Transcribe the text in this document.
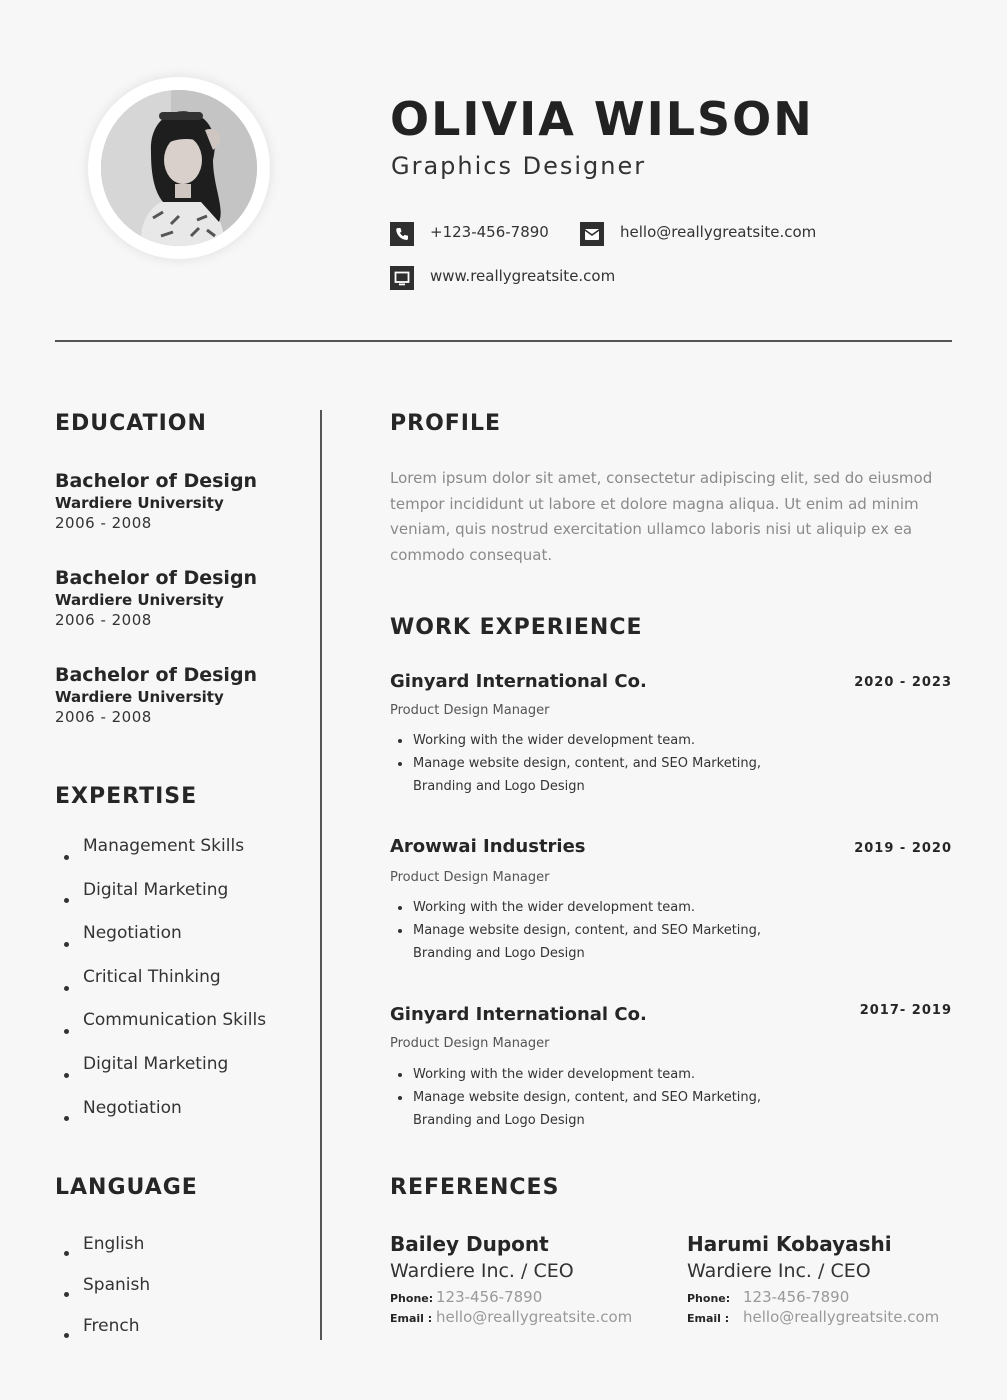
OLIVIA WILSON
Graphics Designer
+123-456-7890	hello@reallygreatsite.com
www.reallygreatsite.com
EDUCATION
Bachelor of Design
Wardiere University
2006 - 2008
Bachelor of Design
Wardiere University
2006 - 2008
Bachelor of Design
Wardiere University
2006 - 2008
EXPERTISE
Management Skills
Digital Marketing
Negotiation
Critical Thinking
Communication Skills
Digital Marketing
Negotiation
LANGUAGE
English
Spanish
French
PROFILE
Lorem ipsum dolor sit amet, consectetur adipiscing elit, sed do eiusmod tempor incididunt ut labore et dolore magna aliqua. Ut enim ad minim veniam, quis nostrud exercitation ullamco laboris nisi ut aliquip ex ea commodo consequat.
WORK EXPERIENCE
Ginyard International Co.	2020 - 2023
Product Design Manager
Working with the wider development team.
Manage website design, content, and SEO Marketing, Branding and Logo Design
Arowwai Industries	2019 - 2020
Product Design Manager
Working with the wider development team.
Manage website design, content, and SEO Marketing, Branding and Logo Design
Ginyard International Co.	2017- 2019
Product Design Manager
Working with the wider development team.
Manage website design, content, and SEO Marketing, Branding and Logo Design
REFERENCES
Bailey Dupont
Wardiere Inc. / CEO
Phone: 123-456-7890
Email : hello@reallygreatsite.com
Harumi Kobayashi
Wardiere Inc. / CEO
Phone: 123-456-7890
Email : hello@reallygreatsite.com
